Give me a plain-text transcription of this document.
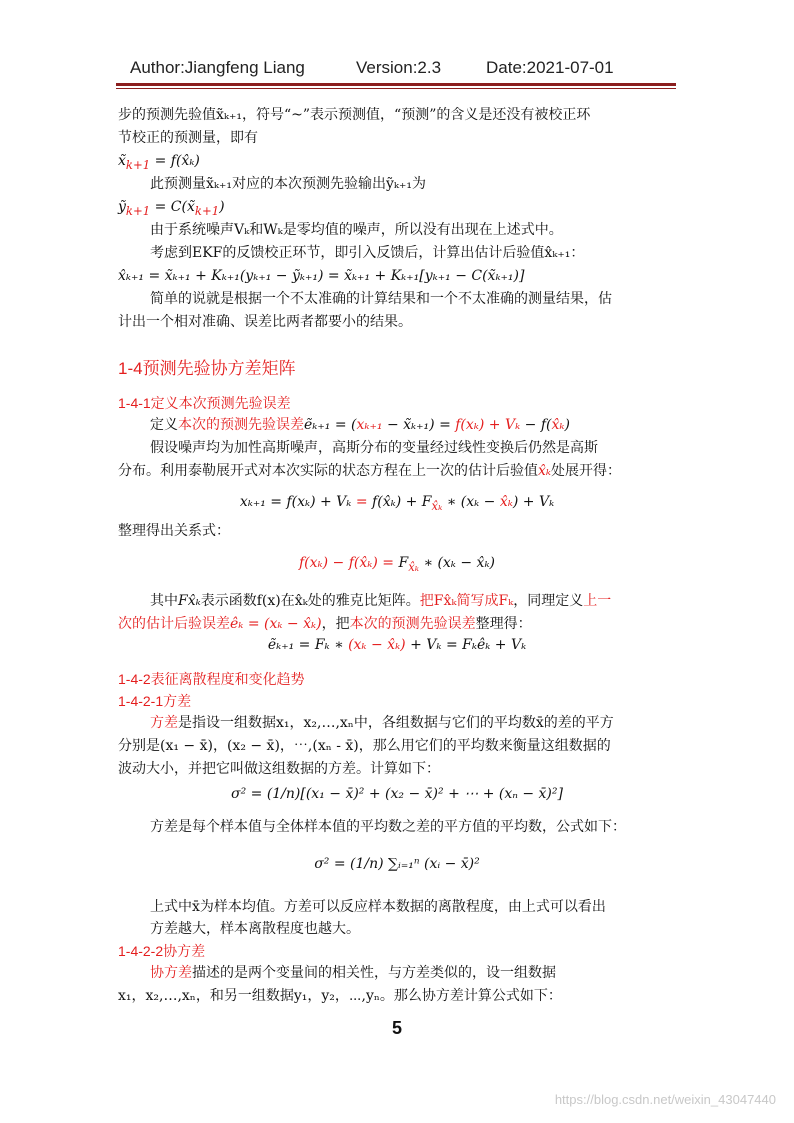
Author:Jiangfeng Liang	Version:2.3	Date:2021-07-01
步的预测先验值x̃ₖ₊₁，符号“~”表示预测值，“预测”的含义是还没有被校正环
节校正的预测量，即有
$x̃_{k+1}$ = f(x̂ₖ)
此预测量x̃ₖ₊₁对应的本次预测先验输出ỹₖ₊₁为
ỹ$_{k+1}$ = $C(x̃_{k+1})$
由于系统噪声Vₖ和Wₖ是零均值的噪声，所以没有出现在上述式中。
考虑到EKF的反馈校正环节，即引入反馈后，计算出估计后验值x̂ₖ₊₁：
x̂ₖ₊₁ = x̃ₖ₊₁ + Kₖ₊₁(yₖ₊₁ − ỹₖ₊₁) = x̃ₖ₊₁ + Kₖ₊₁[yₖ₊₁ − C(x̃ₖ₊₁)]
简单的说就是根据一个不太准确的计算结果和一个不太准确的测量结果，估
计出一个相对准确、误差比两者都要小的结果。
1-4预测先验协方差矩阵
1-4-1定义本次预测先验误差
定义本次的预测先验误差ẽₖ₊₁ = (xₖ₊₁ − x̃ₖ₊₁) = f(xₖ) + Vₖ − f(x̂ₖ)
假设噪声均为加性高斯噪声，高斯分布的变量经过线性变换后仍然是高斯
分布。利用泰勒展开式对本次实际的状态方程在上一次的估计后验值x̂ₖ处展开得：
xₖ₊₁ = f(xₖ) + Vₖ = f(x̂ₖ) + $F_{x̂_k}$ ∗ (xₖ − x̂ₖ) + Vₖ
整理得出关系式：
f(xₖ) − f(x̂ₖ) = $F_{x̂_k}$ ∗ (xₖ − x̂ₖ)
其中Fx̂ₖ表示函数f(x)在x̂ₖ处的雅克比矩阵。把Fx̂ₖ简写成Fₖ，同理定义上一
次的估计后验误差êₖ = (xₖ − x̂ₖ)，把本次的预测先验误差整理得：
ẽₖ₊₁ = Fₖ ∗ (xₖ − x̂ₖ) + Vₖ = Fₖêₖ + Vₖ
1-4-2表征离散程度和变化趋势
1-4-2-1方差
方差是指设一组数据x₁，x₂,…,xₙ中，各组数据与它们的平均数x̄的差的平方
分别是(x₁ − x̄)，(x₂ − x̄)，⋯,(xₙ - x̄)，那么用它们的平均数来衡量这组数据的
波动大小，并把它叫做这组数据的方差。计算如下：
σ² = (1/n)[(x₁ − x̄)² + (x₂ − x̄)² + ⋯ + (xₙ − x̄)²]
方差是每个样本值与全体样本值的平均数之差的平方值的平均数，公式如下：
σ² = (1/n) ∑ᵢ₌₁ⁿ (xᵢ − x̄)²
上式中x̄为样本均值。方差可以反应样本数据的离散程度，由上式可以看出
方差越大，样本离散程度也越大。
1-4-2-2协方差
协方差描述的是两个变量间的相关性，与方差类似的，设一组数据
x₁，x₂,…,xₙ，和另一组数据y₁，y₂，⋯,yₙ。那么协方差计算公式如下：
5
https://blog.csdn.net/weixin_43047440
